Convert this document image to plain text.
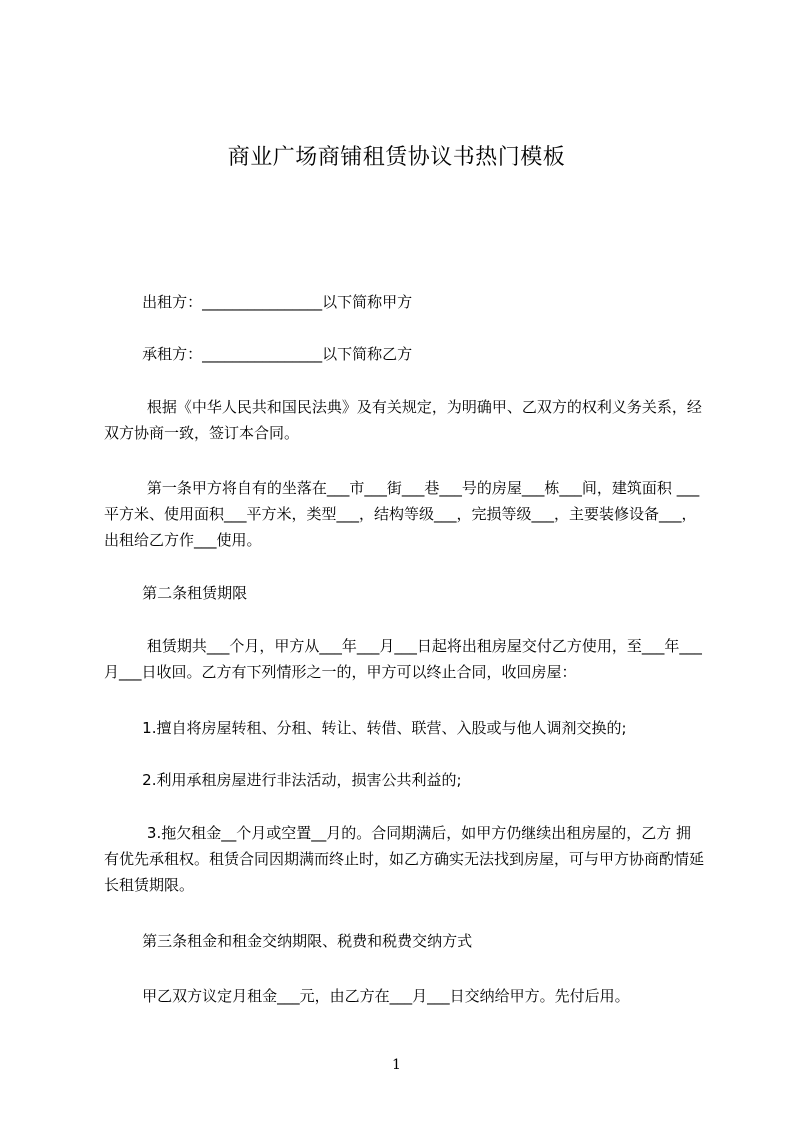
商业广场商铺租赁协议书热门模板

出租方：________________以下简称甲方

承租方：________________以下简称乙方

根据《中华人民共和国民法典》及有关规定，为明确甲、乙双方的权利义务关系，经双方协商一致，签订本合同。

第一条甲方将自有的坐落在___市___街___巷___号的房屋___栋___间，建筑面积 ___平方米、使用面积___平方米，类型___，结构等级___，完损等级___，主要装修设备___，出租给乙方作___使用。

第二条租赁期限

租赁期共___个月，甲方从___年___月___日起将出租房屋交付乙方使用，至___年___月___日收回。乙方有下列情形之一的，甲方可以终止合同，收回房屋：

1.擅自将房屋转租、分租、转让、转借、联营、入股或与他人调剂交换的;

2.利用承租房屋进行非法活动，损害公共利益的;

3.拖欠租金__个月或空置__月的。合同期满后，如甲方仍继续出租房屋的，乙方 拥有优先承租权。租赁合同因期满而终止时，如乙方确实无法找到房屋，可与甲方协商酌情延长租赁期限。

第三条租金和租金交纳期限、税费和税费交纳方式

甲乙双方议定月租金___元，由乙方在___月___日交纳给甲方。先付后用。

1
